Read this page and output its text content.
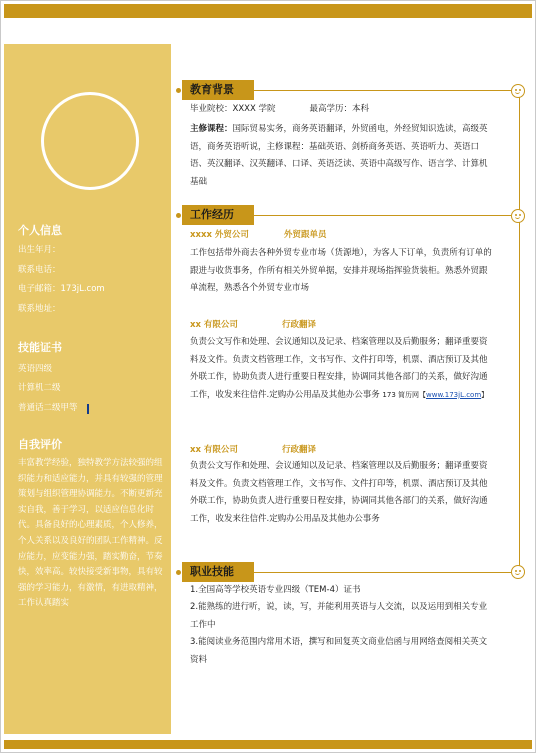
个人信息
出生年月：
联系电话：
电子邮箱：173jL.com
联系地址：
技能证书
英语四级
计算机二级
普通话二级甲等
自我评价
丰富教学经验，独特教学方法较强的组织能力和适应能力，并具有较强的管理策划与组织管理协调能力。不断更新充实自我，善于学习，以适应信息化时代。具备良好的心理素质，个人修养，个人关系以及良好的团队工作精神。反应能力，应变能力强，踏实勤奋，节奏快，效率高。较快接受新事物，具有较强的学习能力，有激情，有进取精神，工作认真踏实
教育背景
毕业院校：XXXX 学院　　　　最高学历：本科
主修课程：国际贸易实务，商务英语翻译，外贸函电，外经贸知识选读，高级英语，商务英语听说，主修课程：基础英语、剑桥商务英语、英语听力、英语口语、英汉翻译、汉英翻译、口译、英语泛读、英语中高级写作、语言学、计算机基础
工作经历
xxxx 外贸公司	外贸跟单员
工作包括带外商去各种外贸专业市场（货源地），为客人下订单，负责所有订单的跟进与收货事务，作所有相关外贸单据，安排并现场指挥验货装柜。熟悉外贸跟单流程，熟悉各个外贸专业市场
xx 有限公司	行政翻译
负责公文写作和处理、会议通知以及记录、档案管理以及后勤服务；翻译重要资料及文件。负责文档管理工作，文书写作、文件打印等，机票、酒店预订及其他外联工作，协助负责人进行重要日程安排，协调同其他各部门的关系，做好沟通工作，收发来往信件.定购办公用品及其他办公事务 173 简历网【www.173jL.com】
xx 有限公司	行政翻译
负责公文写作和处理、会议通知以及记录、档案管理以及后勤服务；翻译重要资料及文件。负责文档管理工作，文书写作、文件打印等，机票、酒店预订及其他外联工作，协助负责人进行重要日程安排，协调同其他各部门的关系，做好沟通工作，收发来往信件.定购办公用品及其他办公事务
职业技能
1.全国高等学校英语专业四级（TEM-4）证书
2.能熟练的进行听，说，读，写，并能利用英语与人交流，以及运用到相关专业工作中
3.能阅读业务范围内常用术语，撰写和回复英文商业信函与用网络查阅相关英文资料
